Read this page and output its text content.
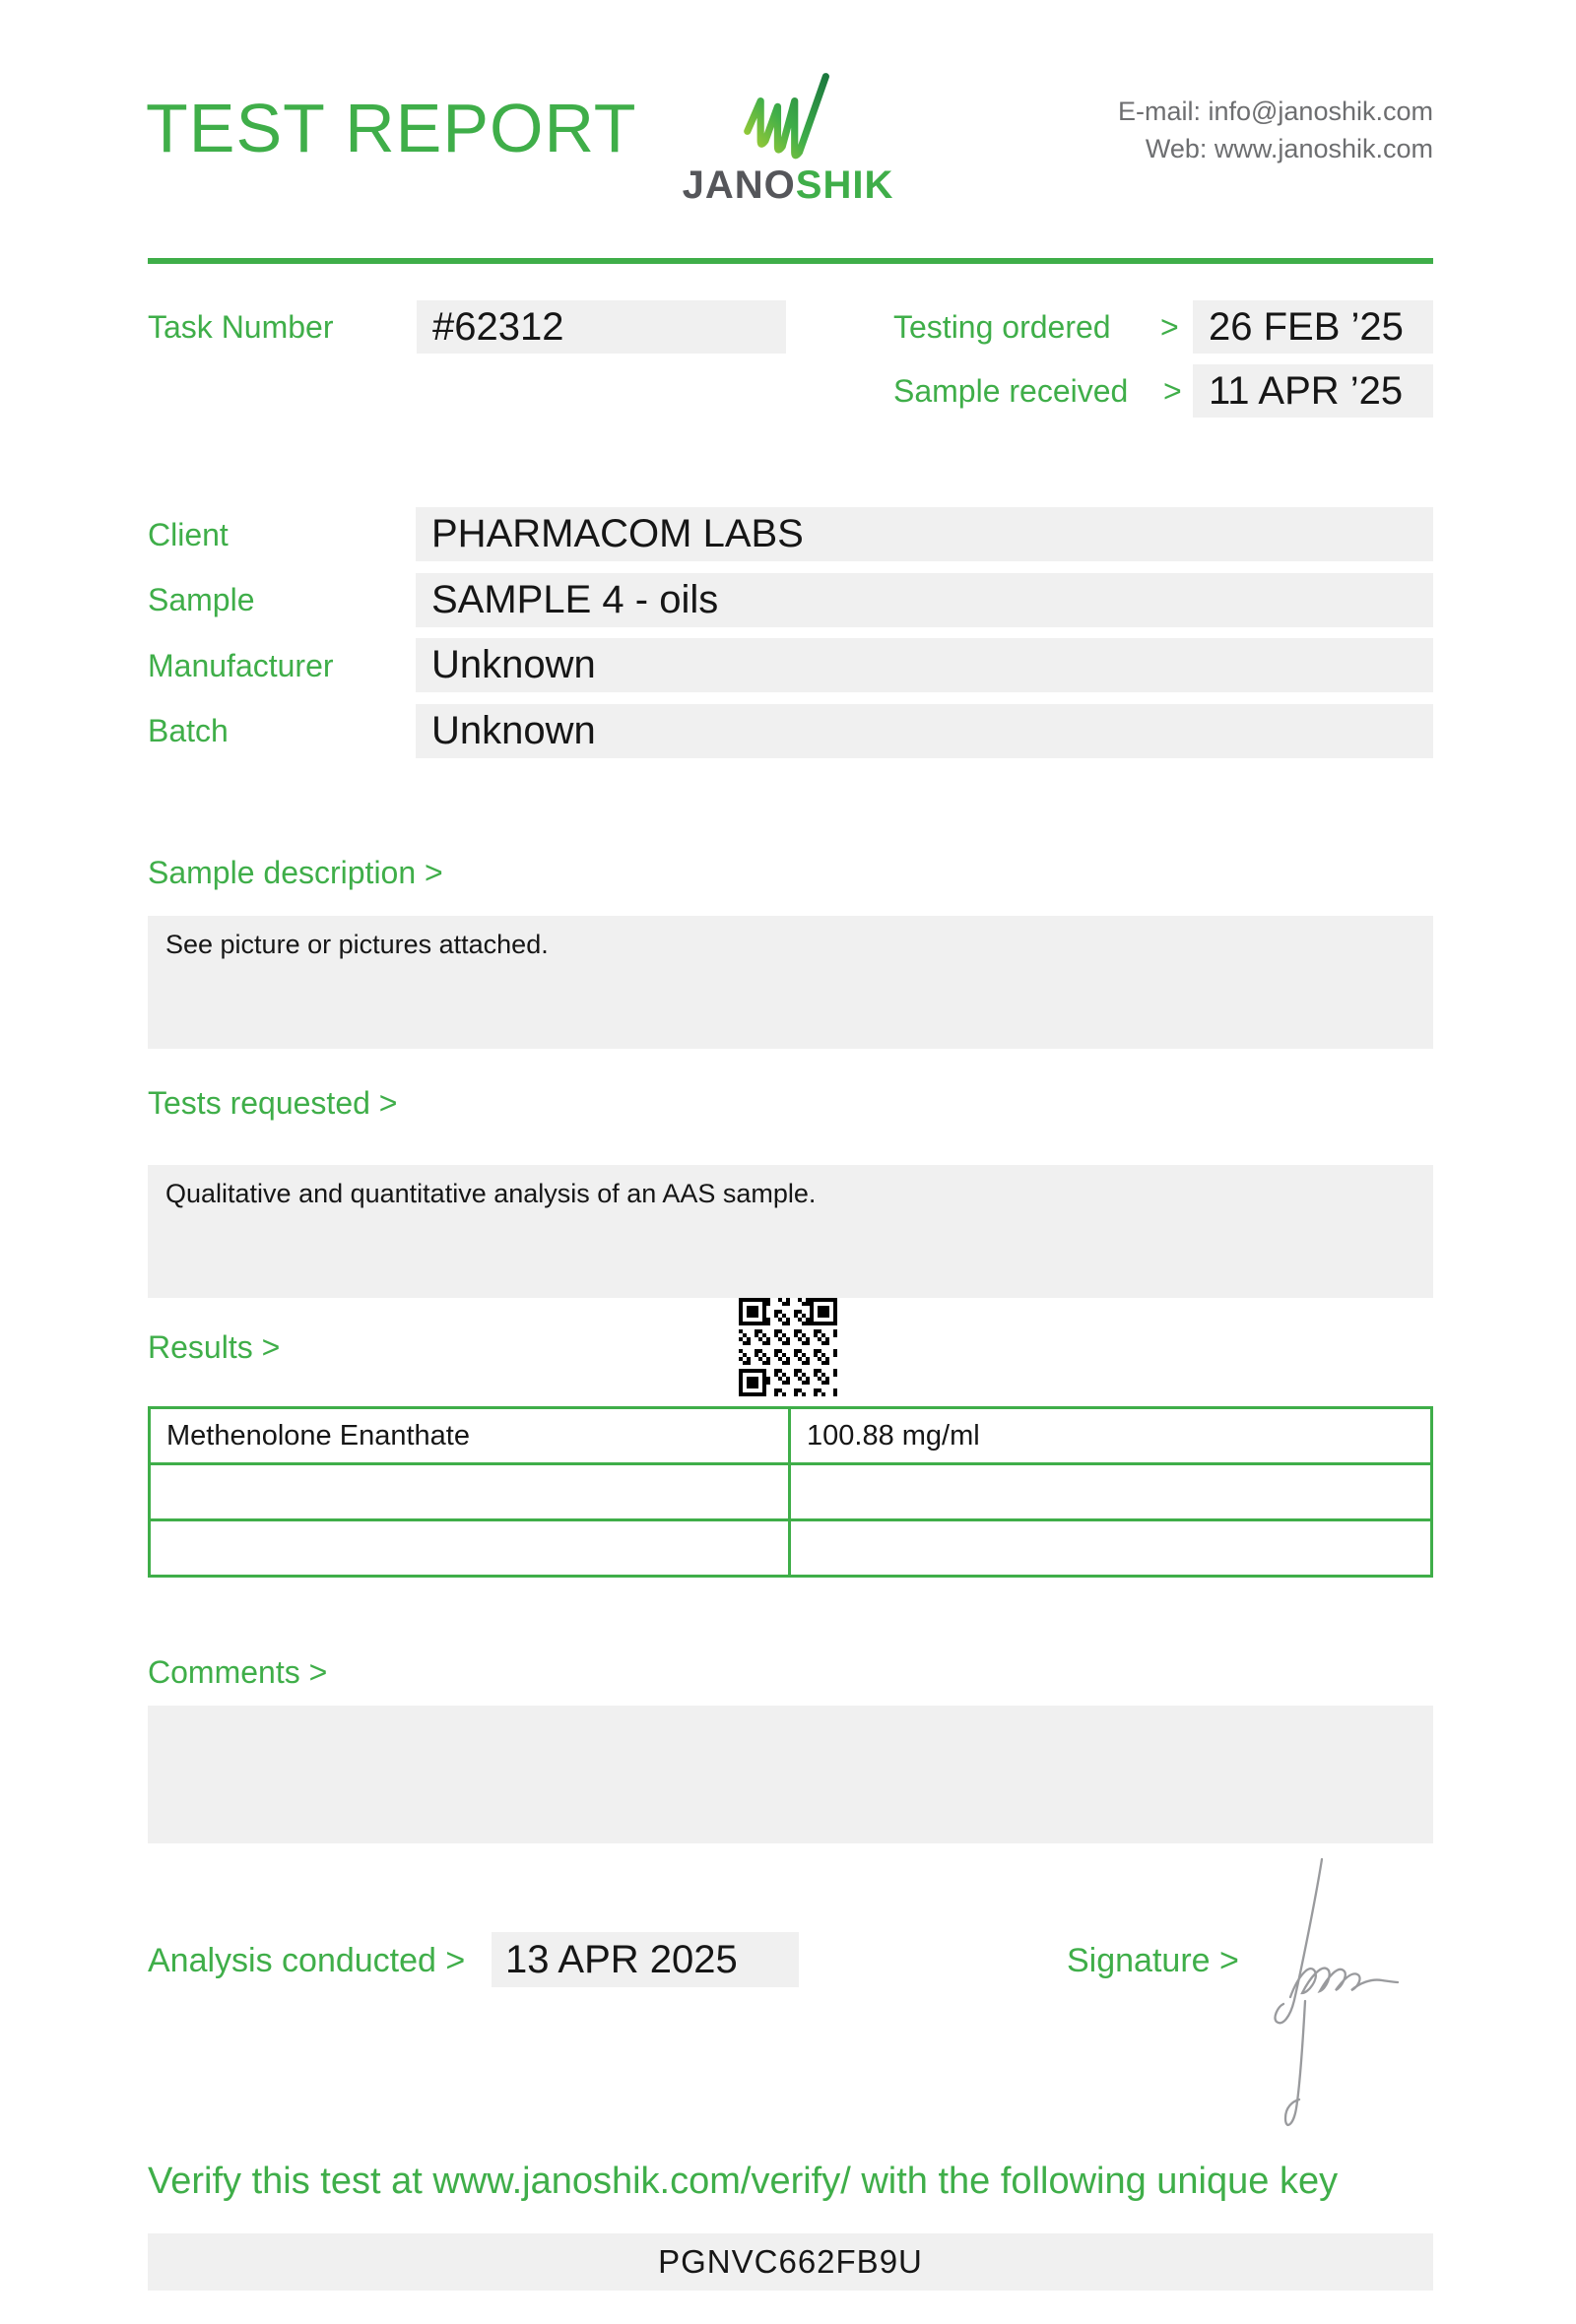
TEST REPORT
JANOSHIK
E-mail: info@janoshik.com
Web: www.janoshik.com
Task Number	#62312	Testing ordered > 26 FEB ’25
Sample received > 11 APR ’25
Client	PHARMACOM LABS
Sample	SAMPLE 4 - oils
Manufacturer	Unknown
Batch	Unknown
Sample description >
See picture or pictures attached.
Tests requested >
Qualitative and quantitative analysis of an AAS sample.
Results >
Methenolone Enanthate	100.88 mg/ml

Comments >
Analysis conducted >	13 APR 2025	Signature >
Verify this test at www.janoshik.com/verify/ with the following unique key
PGNVC662FB9U
